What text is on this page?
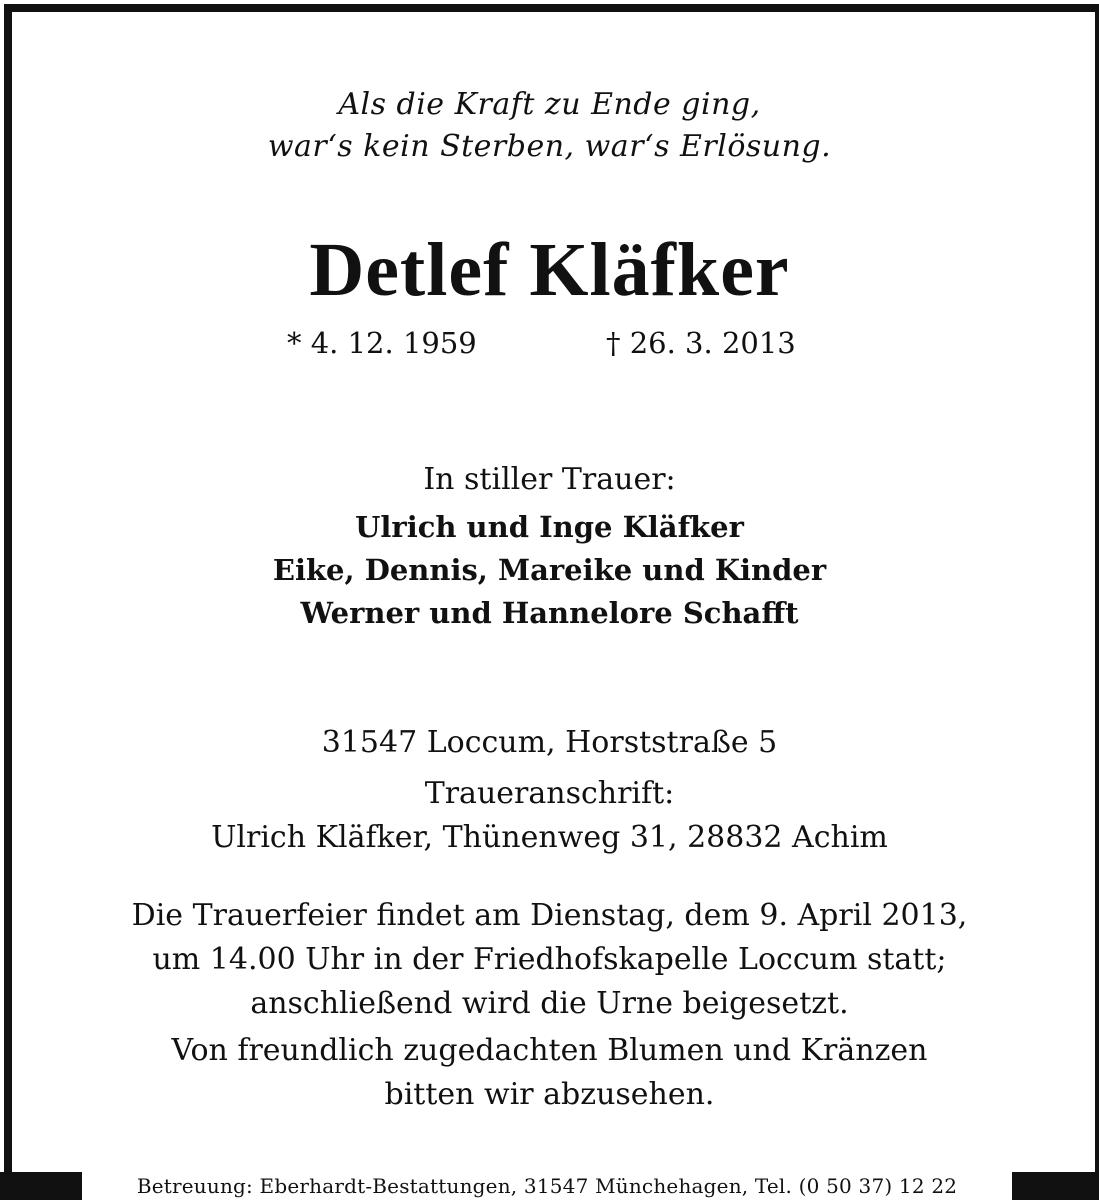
Als die Kraft zu Ende ging,
war‘s kein Sterben, war‘s Erlösung.
Detlef Kläfker
* 4. 12. 1959	† 26. 3. 2013
In stiller Trauer:
Ulrich und Inge Kläfker
Eike, Dennis, Mareike und Kinder
Werner und Hannelore Schafft
31547 Loccum, Horststraße 5
Traueranschrift:
Ulrich Kläfker, Thünenweg 31, 28832 Achim
Die Trauerfeier findet am Dienstag, dem 9. April 2013,
um 14.00 Uhr in der Friedhofskapelle Loccum statt;
anschließend wird die Urne beigesetzt.
Von freundlich zugedachten Blumen und Kränzen
bitten wir abzusehen.
Betreuung: Eberhardt-Bestattungen, 31547 Münchehagen, Tel. (0 50 37) 12 22
